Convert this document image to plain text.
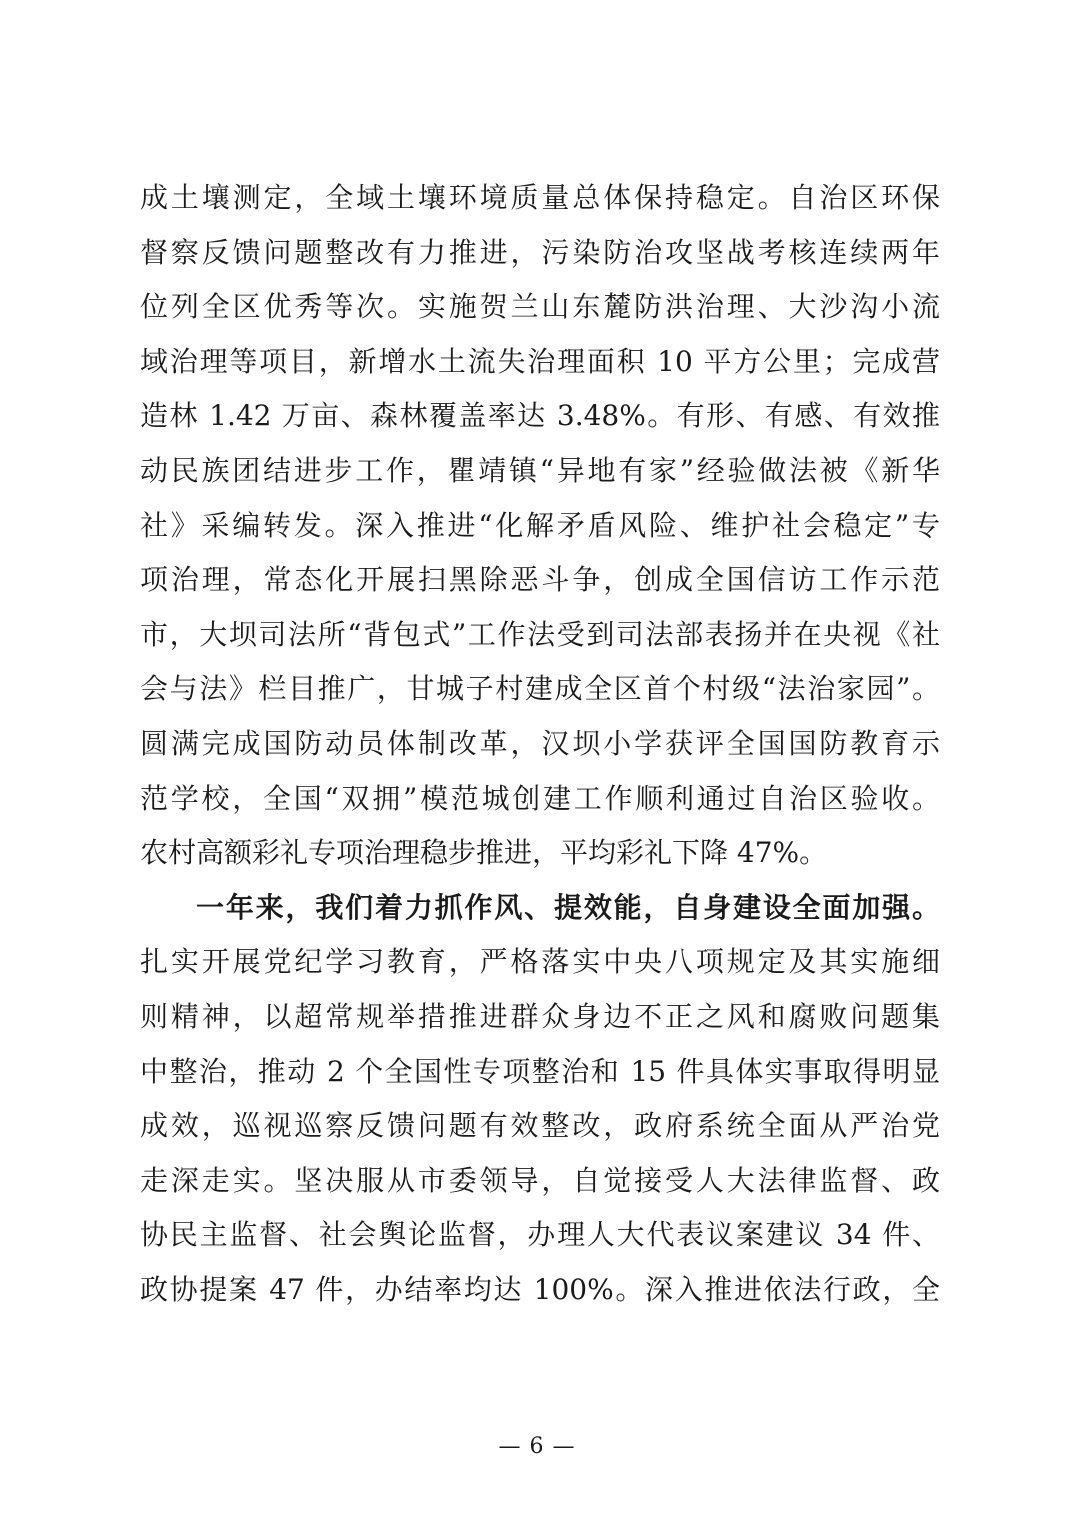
成土壤测定，全域土壤环境质量总体保持稳定。自治区环保
督察反馈问题整改有力推进，污染防治攻坚战考核连续两年
位列全区优秀等次。实施贺兰山东麓防洪治理、大沙沟小流
域治理等项目，新增水土流失治理面积 10 平方公里；完成营
造林 1.42 万亩、森林覆盖率达 3.48%。有形、有感、有效推
动民族团结进步工作，瞿靖镇“异地有家”经验做法被《新华
社》采编转发。深入推进“化解矛盾风险、维护社会稳定”专
项治理，常态化开展扫黑除恶斗争，创成全国信访工作示范
市，大坝司法所“背包式”工作法受到司法部表扬并在央视《社
会与法》栏目推广，甘城子村建成全区首个村级“法治家园”。
圆满完成国防动员体制改革，汉坝小学获评全国国防教育示
范学校，全国“双拥”模范城创建工作顺利通过自治区验收。
农村高额彩礼专项治理稳步推进，平均彩礼下降 47%。
一年来，我们着力抓作风、提效能，自身建设全面加强。
扎实开展党纪学习教育，严格落实中央八项规定及其实施细
则精神，以超常规举措推进群众身边不正之风和腐败问题集
中整治，推动 2 个全国性专项整治和 15 件具体实事取得明显
成效，巡视巡察反馈问题有效整改，政府系统全面从严治党
走深走实。坚决服从市委领导，自觉接受人大法律监督、政
协民主监督、社会舆论监督，办理人大代表议案建议 34 件、
政协提案 47 件，办结率均达 100%。深入推进依法行政，全
— 6 —
